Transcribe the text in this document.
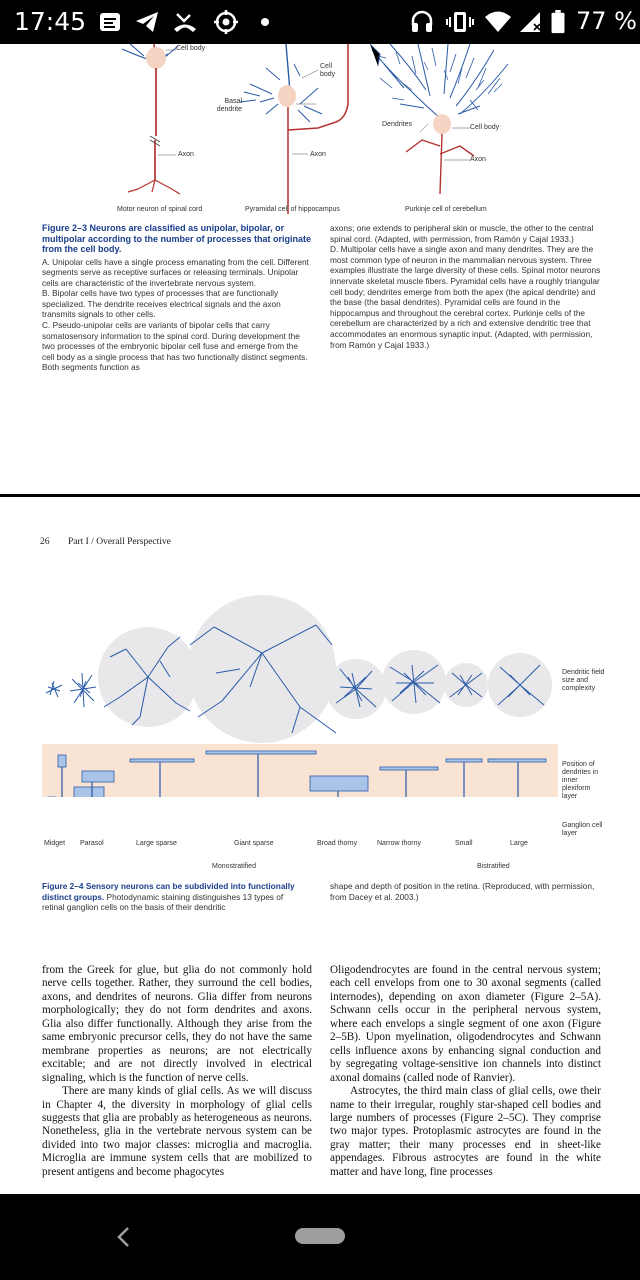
17:45	77 %
Cell body
Axon
Cell body
Basal dendrite
Axon
Dendrites	Cell body
Axon
Motor neuron of spinal cord	Pyramidal cell of hippocampus	Purkinje cell of cerebellum
Figure 2–3 Neurons are classified as unipolar, bipolar, or multipolar according to the number of processes that originate from the cell body.
A. Unipolar cells have a single process emanating from the cell. Different segments serve as receptive surfaces or releasing terminals. Unipolar cells are characteristic of the invertebrate nervous system.
B. Bipolar cells have two types of processes that are functionally specialized. The dendrite receives electrical signals and the axon transmits signals to other cells.
C. Pseudo-unipolar cells are variants of bipolar cells that carry somatosensory information to the spinal cord. During development the two processes of the embryonic bipolar cell fuse and emerge from the cell body as a single process that has two functionally distinct segments. Both segments function as
axons; one extends to peripheral skin or muscle, the other to the central spinal cord. (Adapted, with permission, from Ramón y Cajal 1933.)
D. Multipolar cells have a single axon and many dendrites. They are the most common type of neuron in the mammalian nervous system. Three examples illustrate the large diversity of these cells. Spinal motor neurons innervate skeletal muscle fibers. Pyramidal cells have a roughly triangular cell body; dendrites emerge from both the apex (the apical dendrite) and the base (the basal dendrites). Pyramidal cells are found in the hippocampus and throughout the cerebral cortex. Purkinje cells of the cerebellum are characterized by a rich and extensive dendritic tree that accommodates an enormous synaptic input. (Adapted, with permission, from Ramón y Cajal 1933.)
26 Part I / Overall Perspective
Dendritic field size and complexity
Position of dendrites in inner plexiform layer
Ganglion cell layer
Midget Parasol	Large sparse	Giant sparse	Broad thorny	Narrow thorny	Small	Large
Monostratified	Bistratified
Figure 2–4 Sensory neurons can be subdivided into functionally distinct groups. Photodynamic staining distinguishes 13 types of retinal ganglion cells on the basis of their dendritic
shape and depth of position in the retina. (Reproduced, with permission, from Dacey et al. 2003.)

from the Greek for glue, but glia do not commonly hold nerve cells together. Rather, they surround the cell bodies, axons, and dendrites of neurons. Glia differ from neurons morphologically; they do not form dendrites and axons. Glia also differ functionally. Although they arise from the same embryonic precursor cells, they do not have the same membrane properties as neurons; are not electrically excitable; and are not directly involved in electrical signaling, which is the function of nerve cells.

There are many kinds of glial cells. As we will discuss in Chapter 4, the diversity in morphology of glial cells suggests that glia are probably as heterogeneous as neurons. Nonetheless, glia in the vertebrate nervous system can be divided into two major classes: microglia and macroglia. Microglia are immune system cells that are mobilized to present antigens and become phagocytes

Oligodendrocytes are found in the central nervous system; each cell envelops from one to 30 axonal segments (called internodes), depending on axon diameter (Figure 2–5A). Schwann cells occur in the peripheral nervous system, where each envelops a single segment of one axon (Figure 2–5B). Upon myelination, oligodendrocytes and Schwann cells influence axons by enhancing signal conduction and by segregating voltage-sensitive ion channels into distinct axonal domains (called node of Ranvier).

Astrocytes, the third main class of glial cells, owe their name to their irregular, roughly star-shaped cell bodies and large numbers of processes (Figure 2–5C). They comprise two major types. Protoplasmic astrocytes are found in the gray matter; their many processes end in sheet-like appendages. Fibrous astrocytes are found in the white matter and have long, fine processes
